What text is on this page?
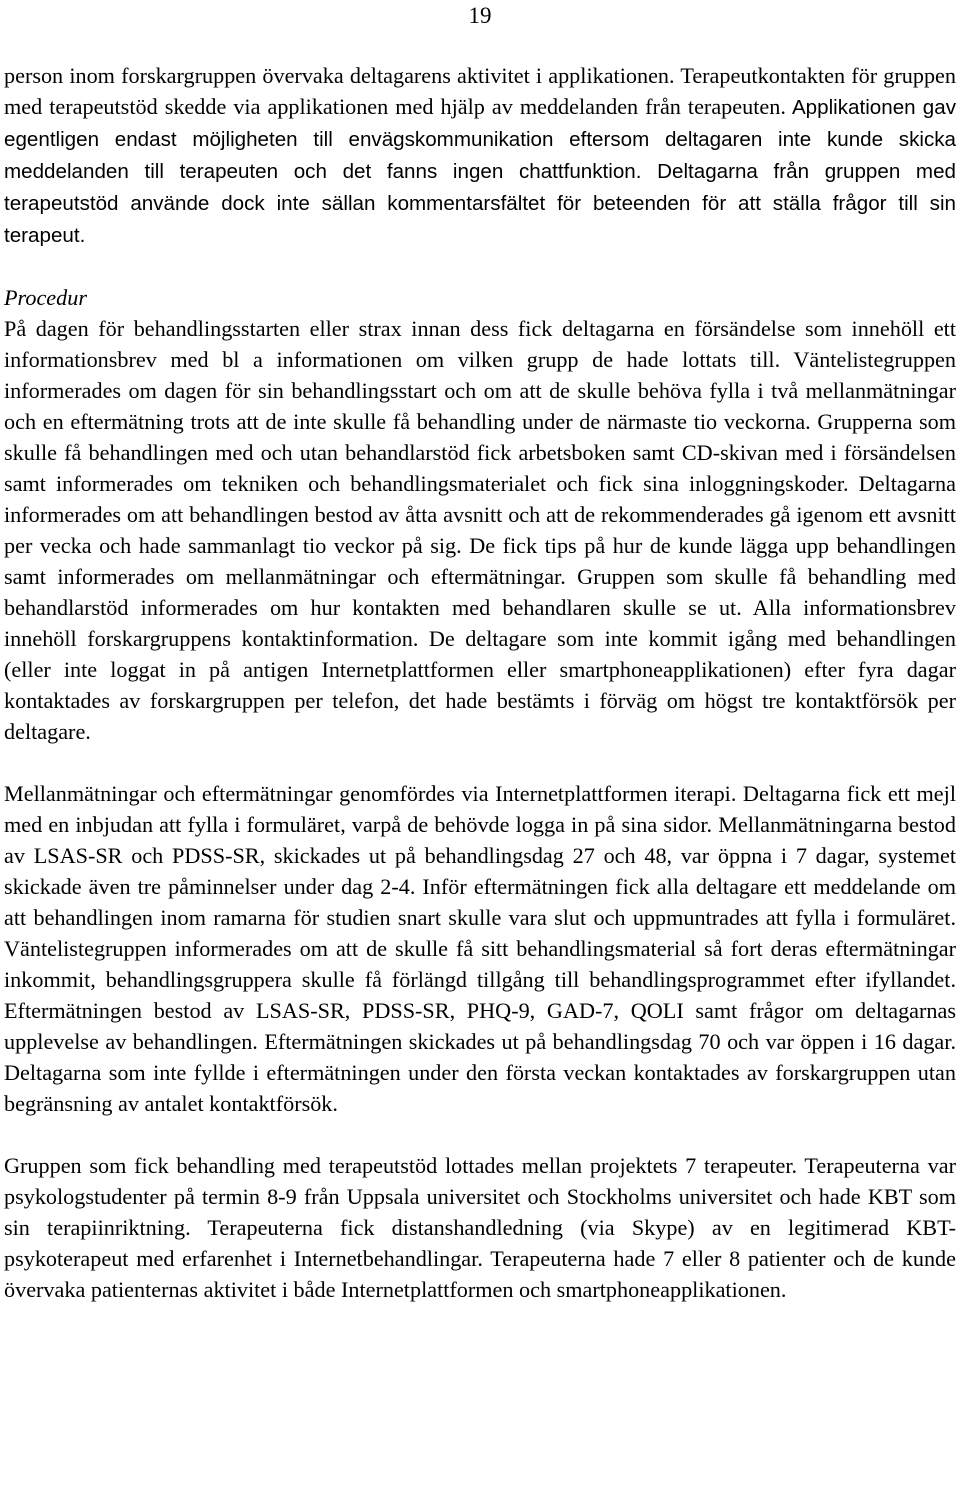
19

person inom forskargruppen övervaka deltagarens aktivitet i applikationen. Terapeutkontakten för gruppen med terapeutstöd skedde via applikationen med hjälp av meddelanden från terapeuten. Applikationen gav egentligen endast möjligheten till envägskommunikation eftersom deltagaren inte kunde skicka meddelanden till terapeuten och det fanns ingen chattfunktion. Deltagarna från gruppen med terapeutstöd använde dock inte sällan kommentarsfältet för beteenden för att ställa frågor till sin terapeut.

Procedur

På dagen för behandlingsstarten eller strax innan dess fick deltagarna en försändelse som innehöll ett informationsbrev med bl a informationen om vilken grupp de hade lottats till. Väntelistegruppen informerades om dagen för sin behandlingsstart och om att de skulle behöva fylla i två mellanmätningar och en eftermätning trots att de inte skulle få behandling under de närmaste tio veckorna. Grupperna som skulle få behandlingen med och utan behandlarstöd fick arbetsboken samt CD-skivan med i försändelsen samt informerades om tekniken och behandlingsmaterialet och fick sina inloggningskoder. Deltagarna informerades om att behandlingen bestod av åtta avsnitt och att de rekommenderades gå igenom ett avsnitt per vecka och hade sammanlagt tio veckor på sig. De fick tips på hur de kunde lägga upp behandlingen samt informerades om mellanmätningar och eftermätningar. Gruppen som skulle få behandling med behandlarstöd informerades om hur kontakten med behandlaren skulle se ut. Alla informationsbrev innehöll forskargruppens kontaktinformation. De deltagare som inte kommit igång med behandlingen (eller inte loggat in på antigen Internetplattformen eller smartphoneapplikationen) efter fyra dagar kontaktades av forskargruppen per telefon, det hade bestämts i förväg om högst tre kontaktförsök per deltagare.

Mellanmätningar och eftermätningar genomfördes via Internetplattformen iterapi. Deltagarna fick ett mejl med en inbjudan att fylla i formuläret, varpå de behövde logga in på sina sidor. Mellanmätningarna bestod av LSAS-SR och PDSS-SR, skickades ut på behandlingsdag 27 och 48, var öppna i 7 dagar, systemet skickade även tre påminnelser under dag 2-4. Inför eftermätningen fick alla deltagare ett meddelande om att behandlingen inom ramarna för studien snart skulle vara slut och uppmuntrades att fylla i formuläret. Väntelistegruppen informerades om att de skulle få sitt behandlingsmaterial så fort deras eftermätningar inkommit, behandlingsgruppera skulle få förlängd tillgång till behandlingsprogrammet efter ifyllandet. Eftermätningen bestod av LSAS-SR, PDSS-SR, PHQ-9, GAD-7, QOLI samt frågor om deltagarnas upplevelse av behandlingen. Eftermätningen skickades ut på behandlingsdag 70 och var öppen i 16 dagar. Deltagarna som inte fyllde i eftermätningen under den första veckan kontaktades av forskargruppen utan begränsning av antalet kontaktförsök.

Gruppen som fick behandling med terapeutstöd lottades mellan projektets 7 terapeuter. Terapeuterna var psykologstudenter på termin 8-9 från Uppsala universitet och Stockholms universitet och hade KBT som sin terapiinriktning. Terapeuterna fick distanshandledning (via Skype) av en legitimerad KBT-psykoterapeut med erfarenhet i Internetbehandlingar. Terapeuterna hade 7 eller 8 patienter och de kunde övervaka patienternas aktivitet i både Internetplattformen och smartphoneapplikationen.
